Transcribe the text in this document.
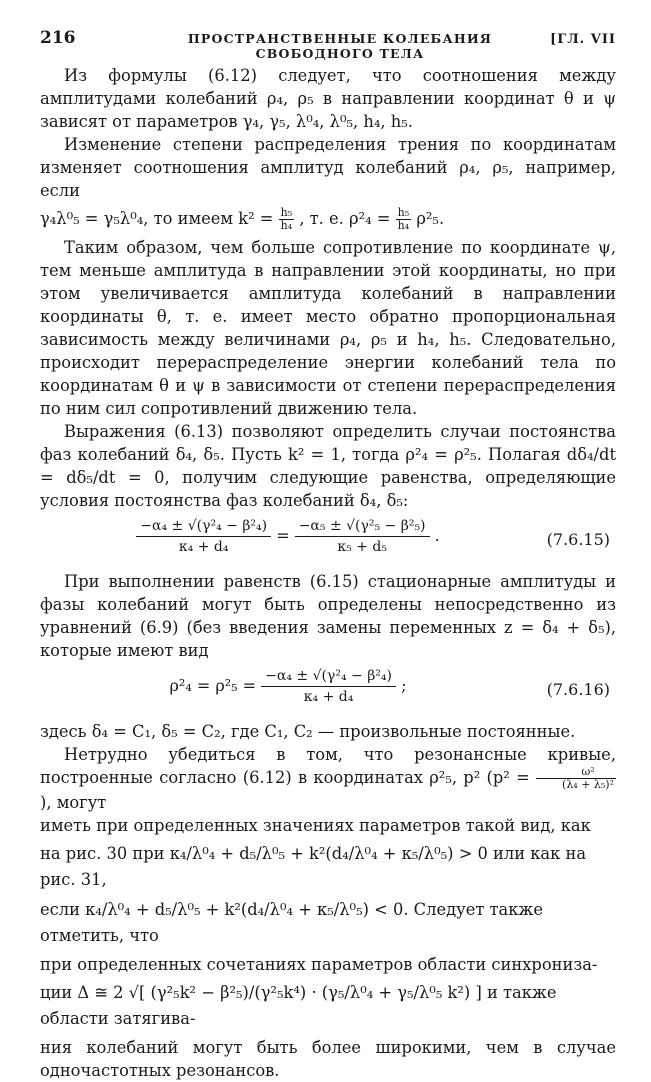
216	ПРОСТРАНСТВЕННЫЕ КОЛЕБАНИЯ СВОБОДНОГО ТЕЛА
[ГЛ. VII

Из формулы (6.12) следует, что соотношения между амплитудами колебаний ρ₄, ρ₅ в направлении координат θ и ψ зависят от параметров γ₄, γ₅, λ⁰₄, λ⁰₅, h₄, h₅.

Изменение степени распределения трения по координатам изменяет соотношения амплитуд колебаний ρ₄, ρ₅, например, если

γ₄λ⁰₅ = γ₅λ⁰₄, то имеем $k^2 = \frac{\text{h₅}}{\text{h₄}}$ , т. е. $\rho^2_4 = \frac{\text{h₅}}{\text{h₄}} \rho^2_5$.

Таким образом, чем больше сопротивление по координате ψ, тем меньше амплитуда в направлении этой координаты, но при этом увеличивается амплитуда колебаний в направлении координаты θ, т. е. имеет место обратно пропорциональная зависимость между величинами ρ₄, ρ₅ и h₄, h₅. Следовательно, происходит перераспределение энергии колебаний тела по координатам θ и ψ в зависимости от степени перераспределения по ним сил сопротивлений движению тела.

Выражения (6.13) позволяют определить случаи постоянства фаз колебаний δ₄, δ₅. Пусть k² = 1, тогда ρ²₄ = ρ²₅. Полагая dδ₄/dt = dδ₅/dt = 0, получим следующие равенства, определяющие условия постоянства фаз колебаний δ₄, δ₅:

$\frac{\text{−α₄ ± √(γ²₄ − β²₄)}}{\text{κ₄ + d₄}} = \frac{\text{−α₅ ± √(γ²₅ − β²₅)}}{\text{κ₅ + d₅}}$ .	(7.6.15)

При выполнении равенств (6.15) стационарные амплитуды и фазы колебаний могут быть определены непосредственно из уравнений (6.9) (без введения замены переменных z = δ₄ + δ₅), которые имеют вид

$\rho^2_4 = \rho^2_5 = \frac{\text{−α₄ ± √(γ²₄ − β²₄)}}{\text{κ₄ + d₄}}$ ;	(7.6.16)

здесь δ₄ = C₁, δ₅ = C₂, где C₁, C₂ — произвольные постоянные.

Нетрудно убедиться в том, что резонансные кривые, построенные согласно (6.12) в координатах ρ²₅, p² ($p^2 = \frac{\text{ω²}}{\text{(λ₄ + λ₅)²}}$
), могут

иметь при определенных значениях параметров такой вид, как

на рис. 30 при κ₄/λ⁰₄ + d₅/λ⁰₅ + k²(d₄/λ⁰₄ + κ₅/λ⁰₅) > 0 или как на рис. 31,
если κ₄/λ⁰₄ + d₅/λ⁰₅ + k²(d₄/λ⁰₄ + κ₅/λ⁰₅) < 0. Следует также отметить, что

при определенных сочетаниях параметров области синхрониза-

ции Δ ≅ 2 √[ (γ²₅k² − β²₅)/(γ²₅k⁴) · (γ₅/λ⁰₄ + γ₅/λ⁰₅ k²) ] и также области затягива-

ния колебаний могут быть более широкими, чем в случае одночастотных резонансов.
